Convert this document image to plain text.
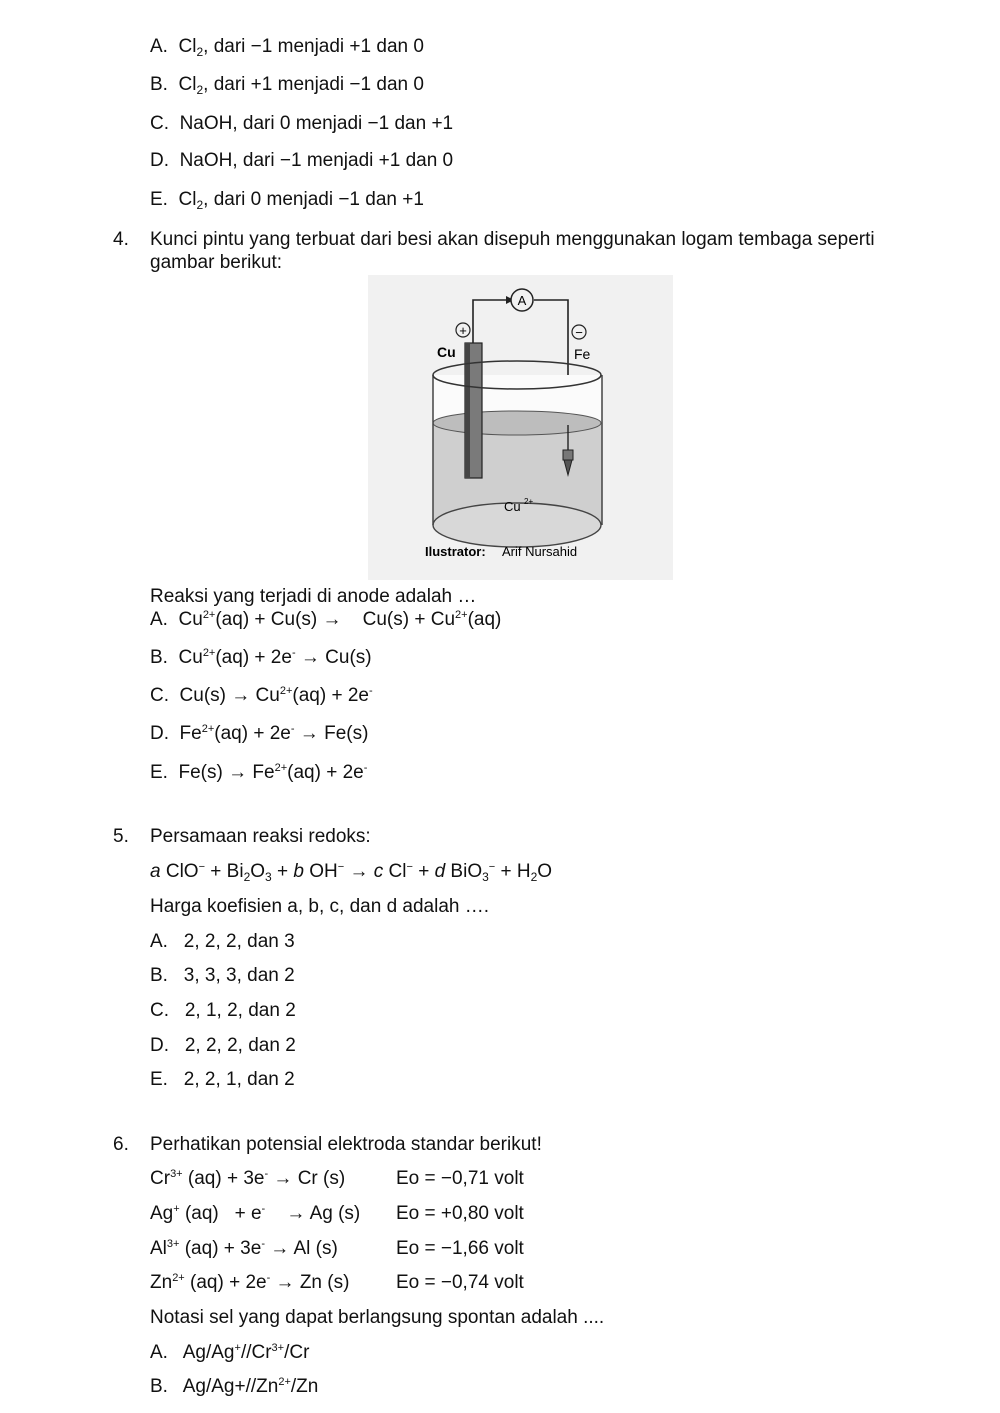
A. $Cl_2$, dari −1 menjadi +1 dan 0
B. $Cl_2$, dari +1 menjadi −1 dan 0
C. NaOH, dari 0 menjadi −1 dan +1
D. NaOH, dari −1 menjadi +1 dan 0
E. $Cl_2$, dari 0 menjadi −1 dan +1
4. Kunci pintu yang terbuat dari besi akan disepuh menggunakan logam tembaga seperti
gambar berikut:
A
+	−
Cu	Fe
Cu 2+
Ilustrator: Arif Nursahid
Reaksi yang terjadi di anode adalah …
A.  $Cu^{2+}(aq) + Cu(s)$ →    $Cu(s) + Cu^{2+}(aq)$
B.  $Cu^{2+}(aq) + 2e^- \to Cu(s)$
C.  $Cu(s) \to Cu^{2+}(aq) + 2e^-$
D.  $Fe^{2+}(aq) + 2e^- \to Fe(s)$
E.  $Fe(s) \to Fe^{2+}(aq) + 2e^-$
5. Persamaan reaksi redoks:
a $ClO^- + Bi_2O_3 + b$ OH− → c Cl− + d $BiO_3^- + H_2O$
Harga koefisien a, b, c, dan d adalah ….
A. 2, 2, 2, dan 3
B. 3, 3, 3, dan 2
C. 2, 1, 2, dan 2
D. 2, 2, 2, dan 2
E. 2, 2, 1, dan 2
6. Perhatikan potensial elektroda standar berikut!
$Cr^{3+}$ (aq) + 3e- → Cr (s)	Eo = −0,71 volt
Ag+ (aq)   + e-    → Ag (s) Eo = +0,80 volt
$Al^{3+}$ (aq) + 3e- → Al (s)	Eo = −1,66 volt
$Zn^{2+}$ (aq) + 2e- → Zn (s) Eo = −0,74 volt
Notasi sel yang dapat berlangsung spontan adalah ....
A.   $Ag/Ag^+//Cr^{3+}/Cr$
B.   $Ag/Ag+//Zn^{2+}/Zn$
